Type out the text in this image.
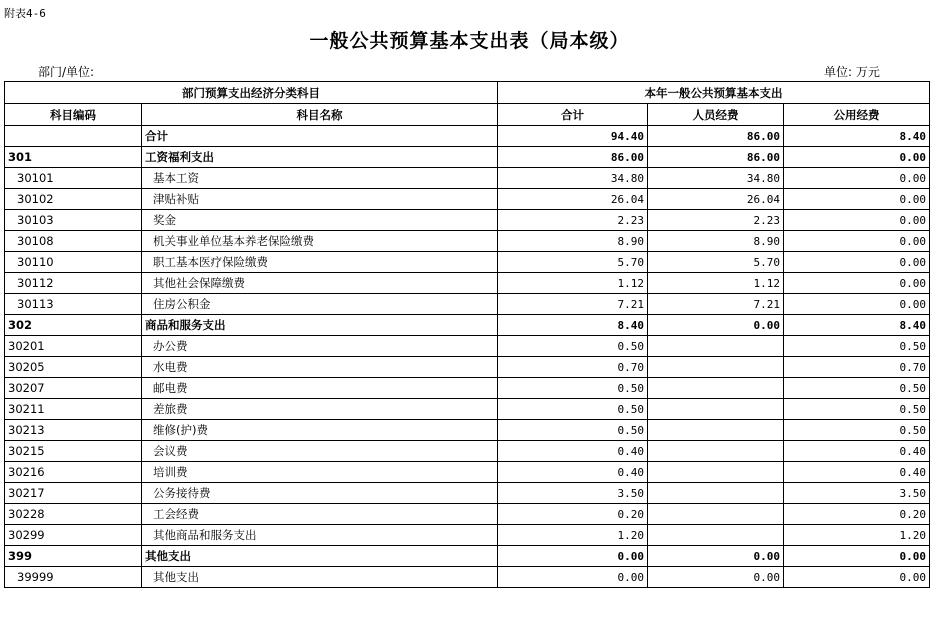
附表4-6
一般公共预算基本支出表（局本级）
部门/单位:	单位: 万元
部门预算支出经济分类科目		本年一般公共预算基本支出		
科目编码	科目名称	合计	人员经费	公用经费
	合计	94.40	86.00	8.40
301	工资福利支出	86.00	86.00	0.00
30101	基本工资	34.80	34.80	0.00
30102	津贴补贴	26.04	26.04	0.00
30103	奖金	2.23	2.23	0.00
30108	机关事业单位基本养老保险缴费	8.90	8.90	0.00
30110	职工基本医疗保险缴费	5.70	5.70	0.00
30112	其他社会保障缴费	1.12	1.12	0.00
30113	住房公积金	7.21	7.21	0.00
302	商品和服务支出	8.40	0.00	8.40
30201	办公费	0.50		0.50
30205	水电费	0.70		0.70
30207	邮电费	0.50		0.50
30211	差旅费	0.50		0.50
30213	维修(护)费	0.50		0.50
30215	会议费	0.40		0.40
30216	培训费	0.40		0.40
30217	公务接待费	3.50		3.50
30228	工会经费	0.20		0.20
30299	其他商品和服务支出	1.20		1.20
399	其他支出	0.00	0.00	0.00
39999	其他支出	0.00	0.00	0.00
